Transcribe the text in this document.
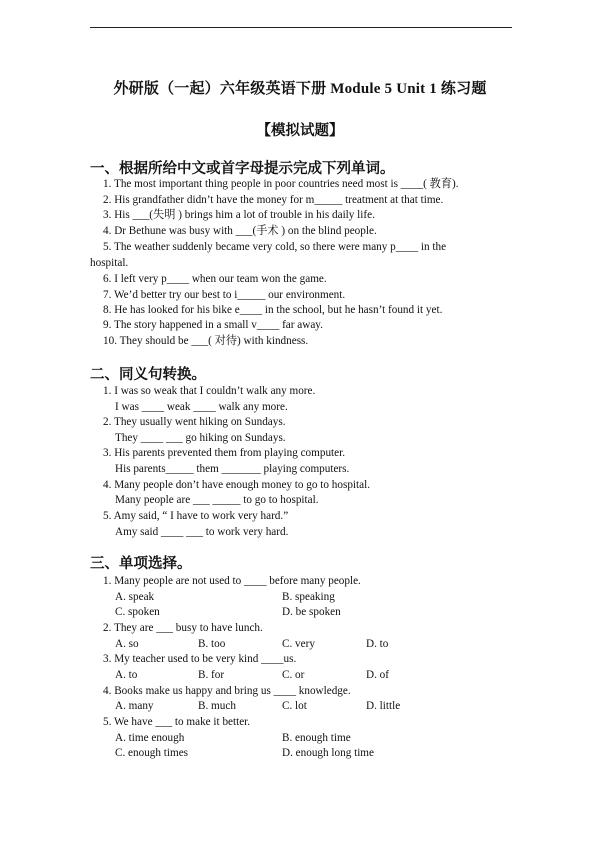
外研版（一起）六年级英语下册 Module 5 Unit 1 练习题
【模拟试题】
一、根据所给中文或首字母提示完成下列单词。
1. The most important thing people in poor countries need most is ____( 教育).
2. His grandfather didn’t have the money for m_____ treatment at that time.
3. His ___(失明 ) brings him a lot of trouble in his daily life.
4. Dr Bethune was busy with ___(手术 ) on the blind people.
5. The weather suddenly became very cold, so there were many p____ in the
hospital.
6. I left very p____ when our team won the game.
7. We’d better try our best to i_____ our environment.
8. He has looked for his bike e____ in the school, but he hasn’t found it yet.
9. The story happened in a small v____ far away.
10. They should be ___( 对待) with kindness.
二、同义句转换。
1. I was so weak that I couldn’t walk any more.
I was ____ weak ____ walk any more.
2. They usually went hiking on Sundays.
They ____ ___ go hiking on Sundays.
3. His parents prevented them from playing computer.
His parents_____ them _______ playing computers.
4. Many people don’t have enough money to go to hospital.
Many people are ___ _____ to go to hospital.
5. Amy said, “ I have to work very hard.”
Amy said ____ ___ to work very hard.
三、单项选择。
1. Many people are not used to ____ before many people.
A. speak	B. speaking
C. spoken	D. be spoken
2. They are ___ busy to have lunch.
A. so	B. too	C. very	D. to
3. My teacher used to be very kind ____us.
A. to	B. for	C. or	D. of
4. Books make us happy and bring us ____ knowledge.
A. many	B. much	C. lot	D. little
5. We have ___ to make it better.
A. time enough	B. enough time
C. enough times	D. enough long time
